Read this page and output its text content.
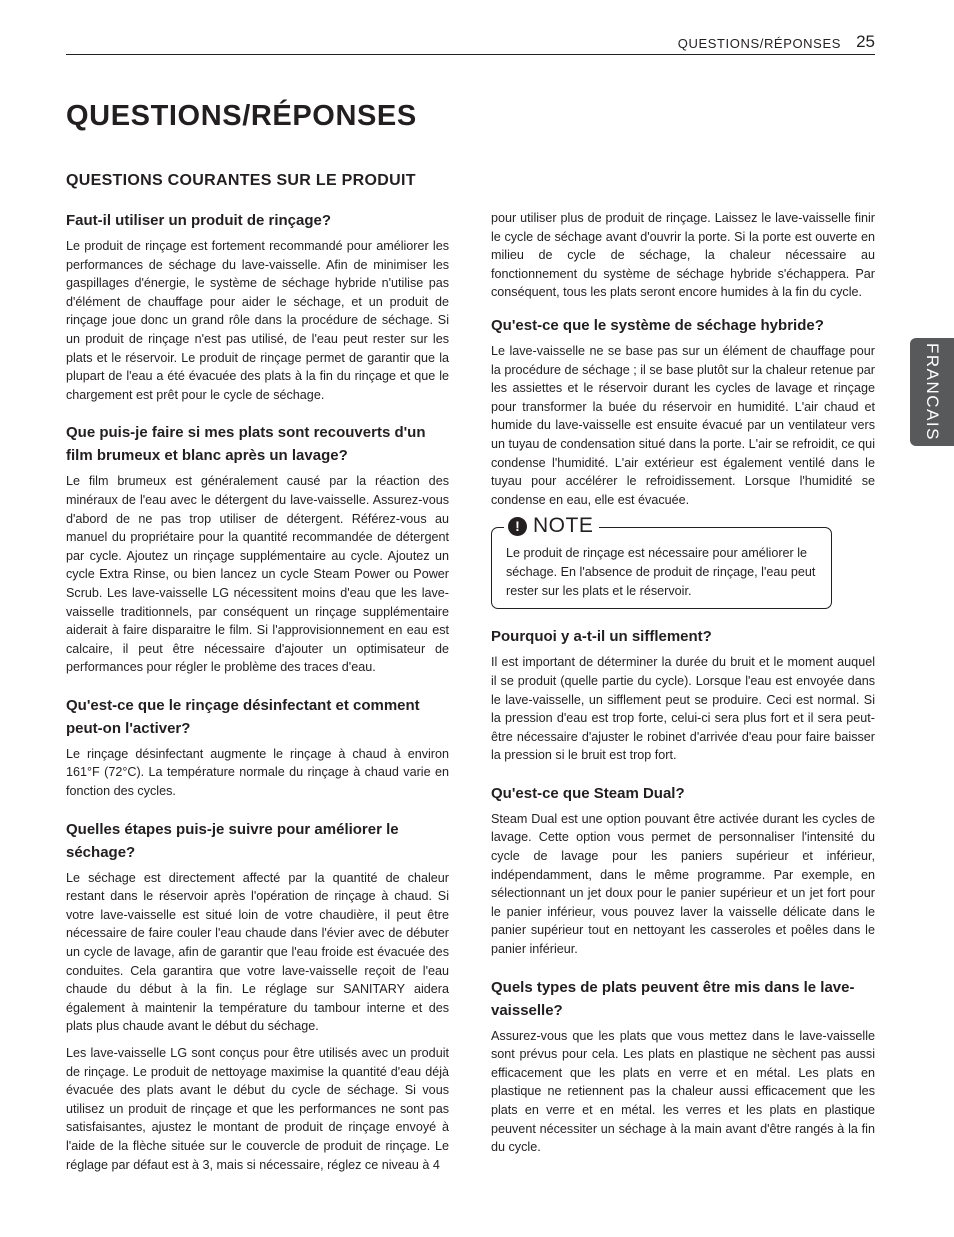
QUESTIONS/RÉPONSES 25
QUESTIONS/RÉPONSES
QUESTIONS COURANTES SUR LE PRODUIT
FRANCAIS
Faut-il utiliser un produit de rinçage?

Le produit de rinçage est fortement recommandé pour améliorer les performances de séchage du lave-vaisselle. Afin de minimiser les gaspillages d'énergie, le système de séchage hybride n'utilise pas d'élément de chauffage pour aider le séchage, et un produit de rinçage joue donc un grand rôle dans la procédure de séchage. Si un produit de rinçage n'est pas utilisé, de l'eau peut rester sur les plats et le réservoir. Le produit de rinçage permet de garantir que la plupart de l'eau a été évacuée des plats à la fin du rinçage et que le chargement est prêt pour le cycle de séchage.

Que puis-je faire si mes plats sont recouverts d'un film brumeux et blanc après un lavage?

Le film brumeux est généralement causé par la réaction des minéraux de l'eau avec le détergent du lave-vaisselle. Assurez-vous d'abord de ne pas trop utiliser de détergent. Référez-vous au manuel du propriétaire pour la quantité recommandée de détergent par cycle. Ajoutez un rinçage supplémentaire au cycle. Ajoutez un cycle Extra Rinse, ou bien lancez un cycle Steam Power ou Power Scrub. Les lave-vaisselle LG nécessitent moins d'eau que les lave-vaisselle traditionnels, par conséquent un rinçage supplémentaire aiderait à faire disparaitre le film. Si l'approvisionnement en eau est calcaire, il peut être nécessaire d'ajouter un optimisateur de performances pour régler le problème des traces d'eau.

Qu'est-ce que le rinçage désinfectant et comment peut-on l'activer?

Le rinçage désinfectant augmente le rinçage à chaud à environ 161°F (72°C). La température normale du rinçage à chaud varie en fonction des cycles.

Quelles étapes puis-je suivre pour améliorer le séchage?

Le séchage est directement affecté par la quantité de chaleur restant dans le réservoir après l'opération de rinçage à chaud. Si votre lave-vaisselle est situé loin de votre chaudière, il peut être nécessaire de faire couler l'eau chaude dans l'évier avec de débuter un cycle de lavage, afin de garantir que l'eau froide est évacuée des conduites. Cela garantira que votre lave-vaisselle reçoit de l'eau chaude du début à la fin. Le réglage sur SANITARY aidera également à maintenir la température du tambour interne et des plats plus chaude avant le début du séchage.

Les lave-vaisselle LG sont conçus pour être utilisés avec un produit de rinçage. Le produit de nettoyage maximise la quantité d'eau déjà évacuée des plats avant le début du cycle de séchage. Si vous utilisez un produit de rinçage et que les performances ne sont pas satisfaisantes, ajustez le montant de produit de rinçage envoyé à l'aide de la flèche située sur le couvercle de produit de rinçage. Le réglage par défaut est à 3, mais si nécessaire, réglez ce niveau à 4

pour utiliser plus de produit de rinçage. Laissez le lave-vaisselle finir le cycle de séchage avant d'ouvrir la porte. Si la porte est ouverte en milieu de cycle de séchage, la chaleur nécessaire au fonctionnement du système de séchage hybride s'échappera. Par conséquent, tous les plats seront encore humides à la fin du cycle.

Qu'est-ce que le système de séchage hybride?

Le lave-vaisselle ne se base pas sur un élément de chauffage pour la procédure de séchage ; il se base plutôt sur la chaleur retenue par les assiettes et le réservoir durant les cycles de lavage et rinçage pour transformer la buée du réservoir en humidité. L'air chaud et humide du lave-vaisselle est ensuite évacué par un ventilateur vers un tuyau de condensation situé dans la porte. L'air se refroidit, ce qui condense l'humidité. L'air extérieur est également ventilé dans le tuyau pour accélérer le refroidissement. Lorsque l'humidité se condense en eau, elle est évacuée.

! NOTE

Le produit de rinçage est nécessaire pour améliorer le séchage. En l'absence de produit de rinçage, l'eau peut rester sur les plats et le réservoir.

Pourquoi y a-t-il un sifflement?

Il est important de déterminer la durée du bruit et le moment auquel il se produit (quelle partie du cycle). Lorsque l'eau est envoyée dans le lave-vaisselle, un sifflement peut se produire. Ceci est normal. Si la pression d'eau est trop forte, celui-ci sera plus fort et il sera peut-être nécessaire d'ajuster le robinet d'arrivée d'eau pour faire baisser la pression si le bruit est trop fort.

Qu'est-ce que Steam Dual?

Steam Dual est une option pouvant être activée durant les cycles de lavage. Cette option vous permet de personnaliser l'intensité du cycle de lavage pour les paniers supérieur et inférieur, indépendamment, dans le même programme. Par exemple, en sélectionnant un jet doux pour le panier supérieur et un jet fort pour le panier inférieur, vous pouvez laver la vaisselle délicate dans le panier supérieur tout en nettoyant les casseroles et poêles dans le panier inférieur.

Quels types de plats peuvent être mis dans le lave-vaisselle?

Assurez-vous que les plats que vous mettez dans le lave-vaisselle sont prévus pour cela. Les plats en plastique ne sèchent pas aussi efficacement que les plats en verre et en métal. Les plats en plastique ne retiennent pas la chaleur aussi efficacement que les plats en verre et en métal. les verres et les plats en plastique peuvent nécessiter un séchage à la main avant d'être rangés à la fin du cycle.
